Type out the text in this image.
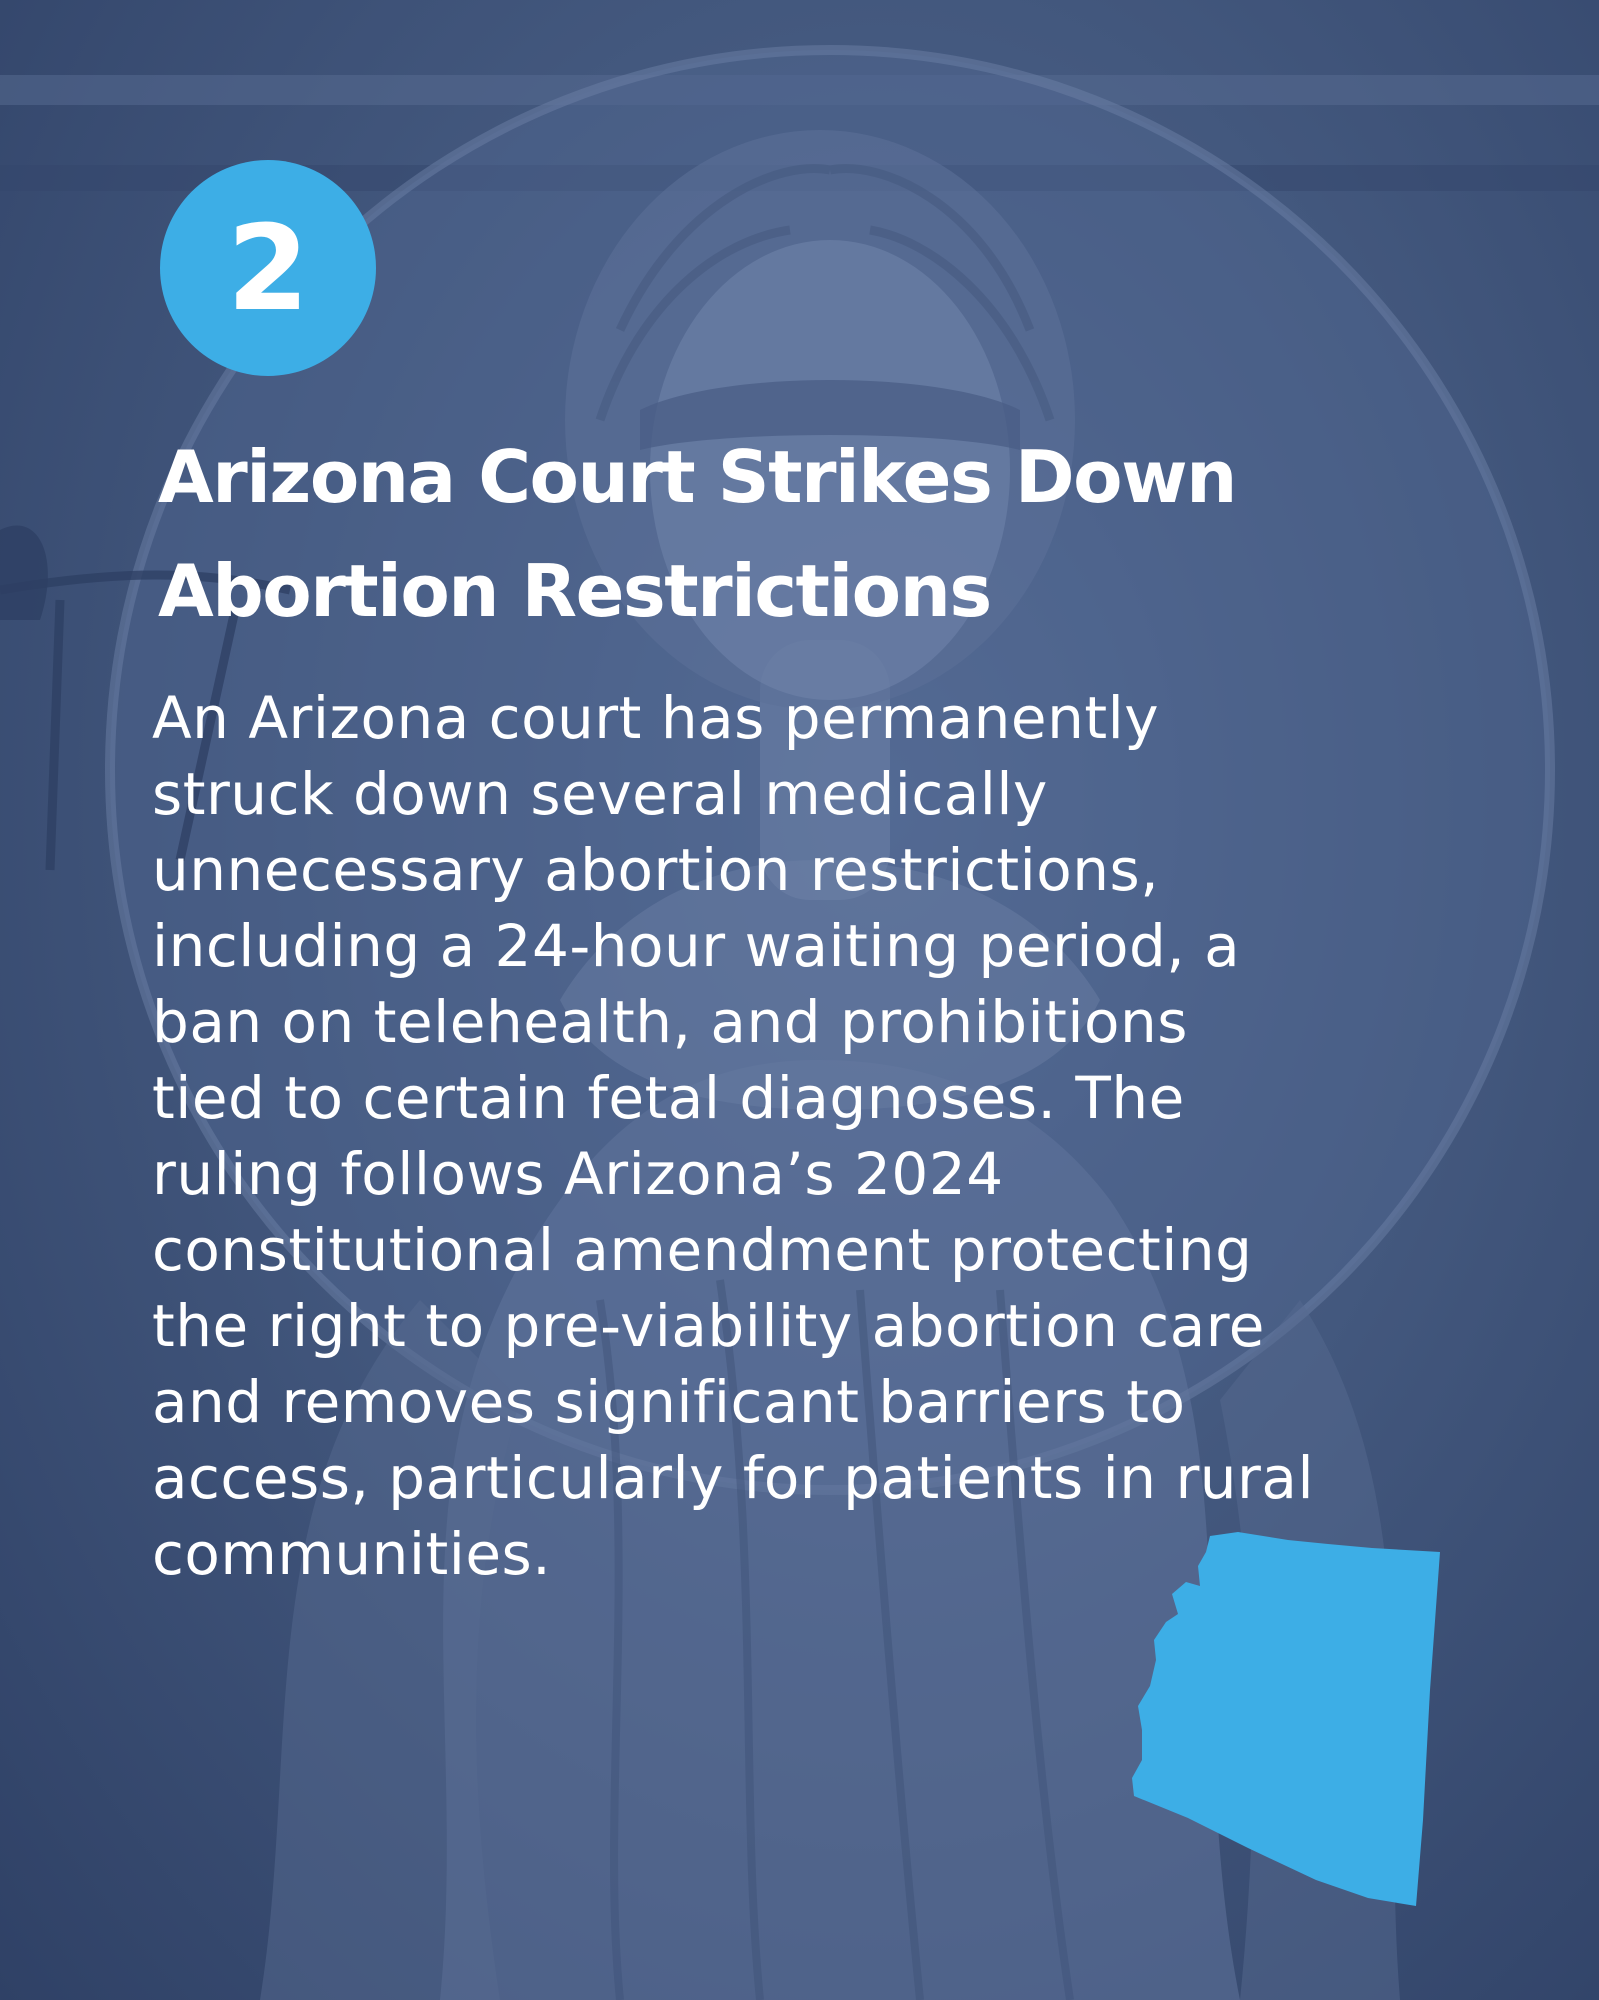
2
Arizona Court Strikes Down
Abortion Restrictions

An Arizona court has permanently
struck down several medically
unnecessary abortion restrictions,
including a 24-hour waiting period, a
ban on telehealth, and prohibitions
tied to certain fetal diagnoses. The
ruling follows Arizona’s 2024
constitutional amendment protecting
the right to pre-viability abortion care
and removes significant barriers to
access, particularly for patients in rural
communities.
